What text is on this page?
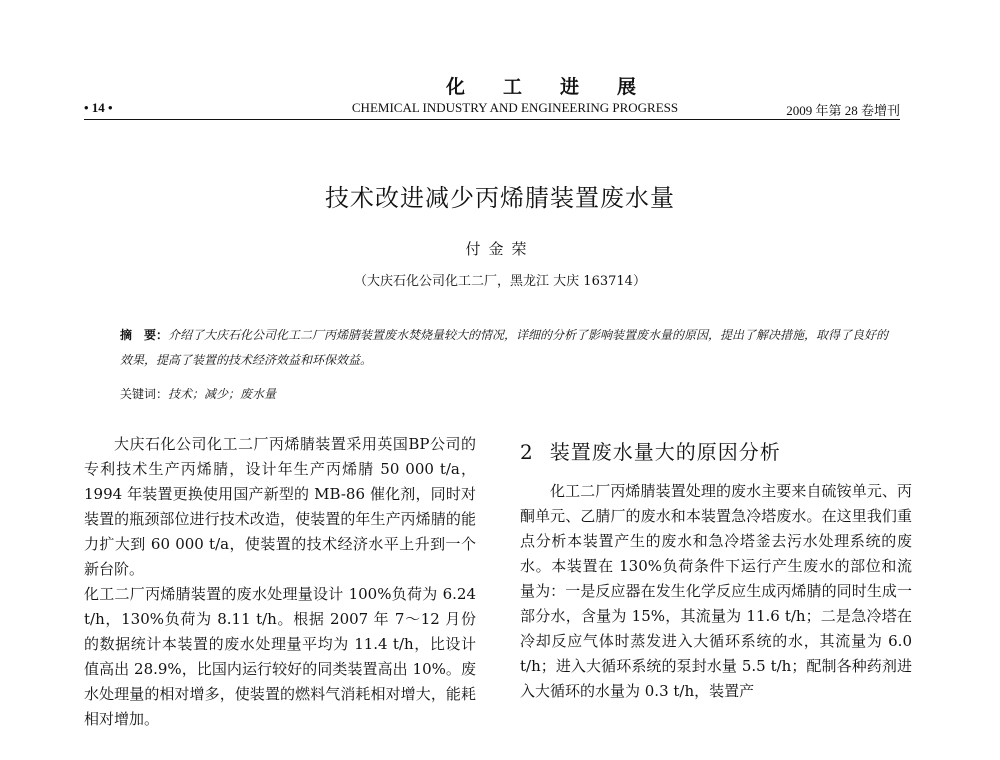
化工进展
• 14 •	CHEMICAL INDUSTRY AND ENGINEERING PROGRESS	2009 年第 28 卷增刊
技术改进减少丙烯腈装置废水量
付金荣
（大庆石化公司化工二厂，黑龙江 大庆 163714）
摘　要：介绍了大庆石化公司化工二厂丙烯腈装置废水焚烧量较大的情况，详细的分析了影响装置废水量的原因，提出了解决措施，取得了良好的效果，提高了装置的技术经济效益和环保效益。
关键词：技术；减少；废水量

大庆石化公司化工二厂丙烯腈装置采用英国BP公司的专利技术生产丙烯腈，设计年生产丙烯腈 50 000 t/a，1994 年装置更换使用国产新型的 MB-86 催化剂，同时对装置的瓶颈部位进行技术改造，使装置的年生产丙烯腈的能力扩大到 60 000 t/a，使装置的技术经济水平上升到一个新台阶。

化工二厂丙烯腈装置的废水处理量设计 100%负荷为 6.24 t/h，130%负荷为 8.11 t/h。根据 2007 年 7～12 月份的数据统计本装置的废水处理量平均为 11.4 t/h，比设计值高出 28.9%，比国内运行较好的同类装置高出 10%。废水处理量的相对增多，使装置的燃料气消耗相对增大，能耗相对增加。

2 装置废水量大的原因分析

化工二厂丙烯腈装置处理的废水主要来自硫铵单元、丙酮单元、乙腈厂的废水和本装置急冷塔废水。在这里我们重点分析本装置产生的废水和急冷塔釜去污水处理系统的废水。本装置在 130%负荷条件下运行产生废水的部位和流量为：一是反应器在发生化学反应生成丙烯腈的同时生成一部分水，含量为 15%，其流量为 11.6 t/h；二是急冷塔在冷却反应气体时蒸发进入大循环系统的水，其流量为 6.0 t/h；进入大循环系统的泵封水量 5.5 t/h；配制各种药剂进入大循环的水量为 0.3 t/h，装置产
